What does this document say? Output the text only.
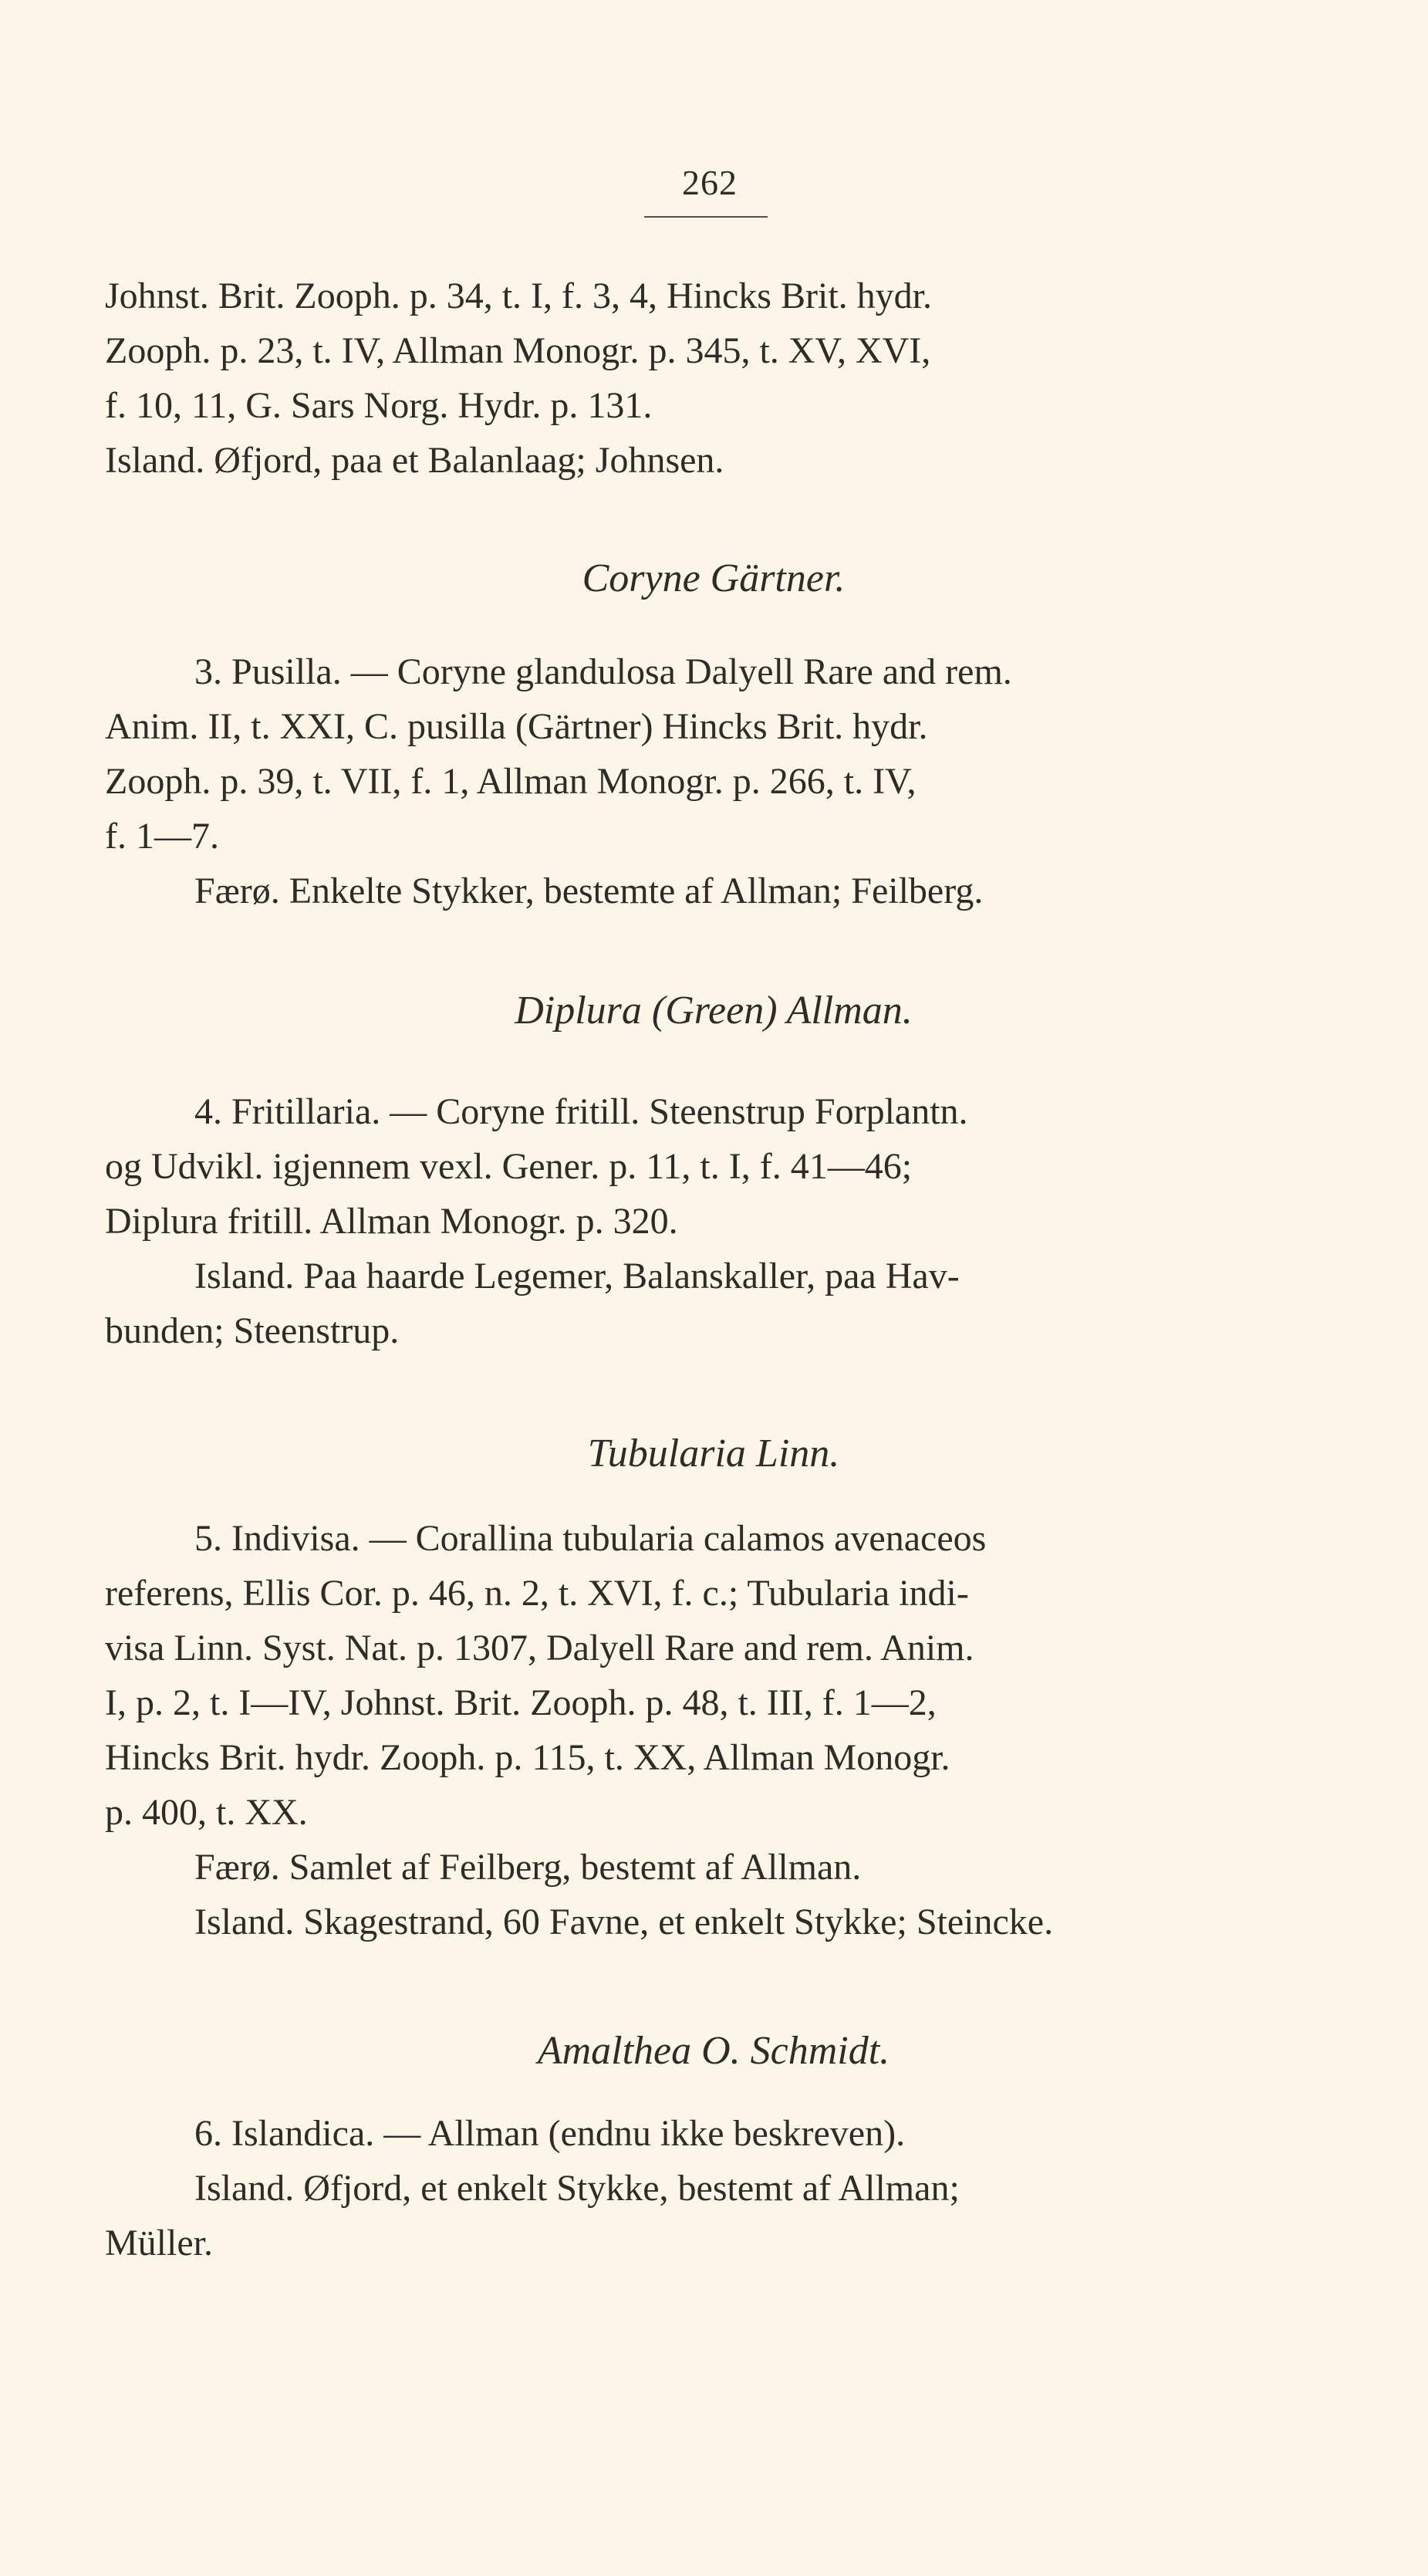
262
Johnst. Brit. Zooph. p. 34, t. I, f. 3, 4, Hincks Brit. hydr.
Zooph. p. 23, t. IV, Allman Monogr. p. 345, t. XV, XVI,
f. 10, 11, G. Sars Norg. Hydr. p. 131.
Island. Øfjord, paa et Balanlaag; Johnsen.
Coryne Gärtner.
3. Pusilla. — Coryne glandulosa Dalyell Rare and rem.
Anim. II, t. XXI, C. pusilla (Gärtner) Hincks Brit. hydr.
Zooph. p. 39, t. VII, f. 1, Allman Monogr. p. 266, t. IV,
f. 1—7.
Færø. Enkelte Stykker, bestemte af Allman; Feilberg.
Diplura (Green) Allman.
4. Fritillaria. — Coryne fritill. Steenstrup Forplantn.
og Udvikl. igjennem vexl. Gener. p. 11, t. I, f. 41—46;
Diplura fritill. Allman Monogr. p. 320.
Island. Paa haarde Legemer, Balanskaller, paa Hav-
bunden; Steenstrup.
Tubularia Linn.
5. Indivisa. — Corallina tubularia calamos avenaceos
referens, Ellis Cor. p. 46, n. 2, t. XVI, f. c.; Tubularia indi-
visa Linn. Syst. Nat. p. 1307, Dalyell Rare and rem. Anim.
I, p. 2, t. I—IV, Johnst. Brit. Zooph. p. 48, t. III, f. 1—2,
Hincks Brit. hydr. Zooph. p. 115, t. XX, Allman Monogr.
p. 400, t. XX.
Færø. Samlet af Feilberg, bestemt af Allman.
Island. Skagestrand, 60 Favne, et enkelt Stykke; Steincke.
Amalthea O. Schmidt.
6. Islandica. — Allman (endnu ikke beskreven).
Island. Øfjord, et enkelt Stykke, bestemt af Allman;
Müller.
